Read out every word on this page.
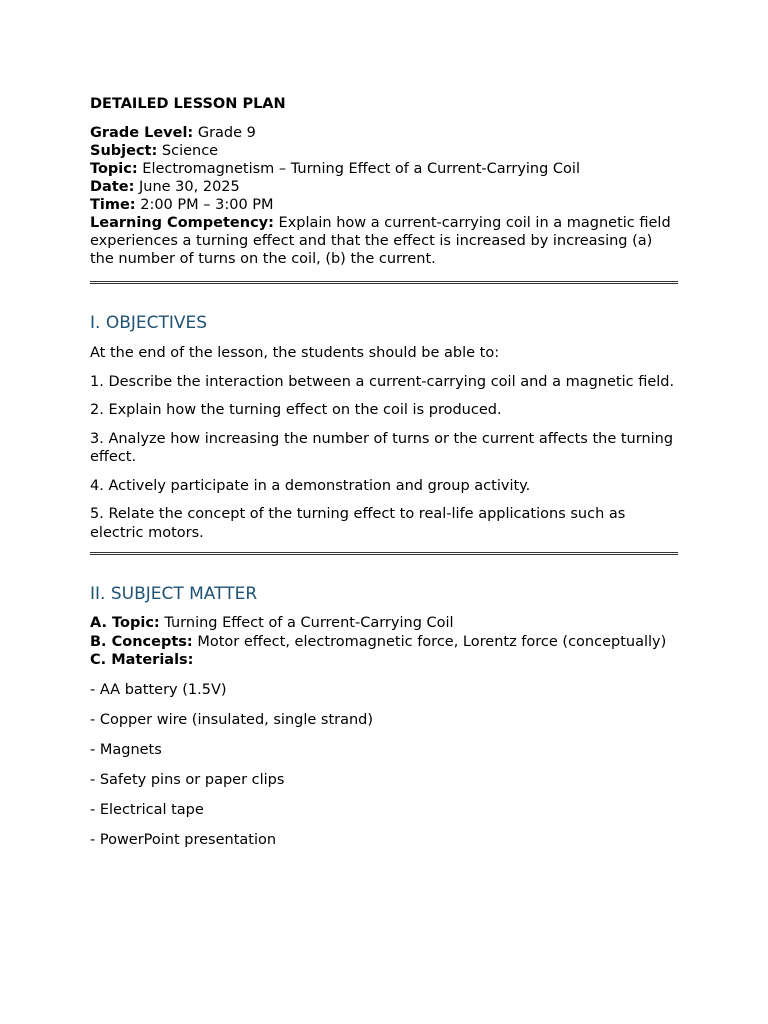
DETAILED LESSON PLAN

Grade Level: Grade 9

Subject: Science

Topic: Electromagnetism – Turning Effect of a Current-Carrying Coil

Date: June 30, 2025

Time: 2:00 PM – 3:00 PM

Learning Competency: Explain how a current-carrying coil in a magnetic field experiences a turning effect and that the effect is increased by increasing (a) the number of turns on the coil, (b) the current.

I. OBJECTIVES

At the end of the lesson, the students should be able to:

1. Describe the interaction between a current-carrying coil and a magnetic field.

2. Explain how the turning effect on the coil is produced.

3. Analyze how increasing the number of turns or the current affects the turning effect.

4. Actively participate in a demonstration and group activity.

5. Relate the concept of the turning effect to real-life applications such as electric motors.

II. SUBJECT MATTER

A. Topic: Turning Effect of a Current-Carrying Coil

B. Concepts: Motor effect, electromagnetic force, Lorentz force (conceptually)

C. Materials:

- AA battery (1.5V)

- Copper wire (insulated, single strand)

- Magnets

- Safety pins or paper clips

- Electrical tape

- PowerPoint presentation
